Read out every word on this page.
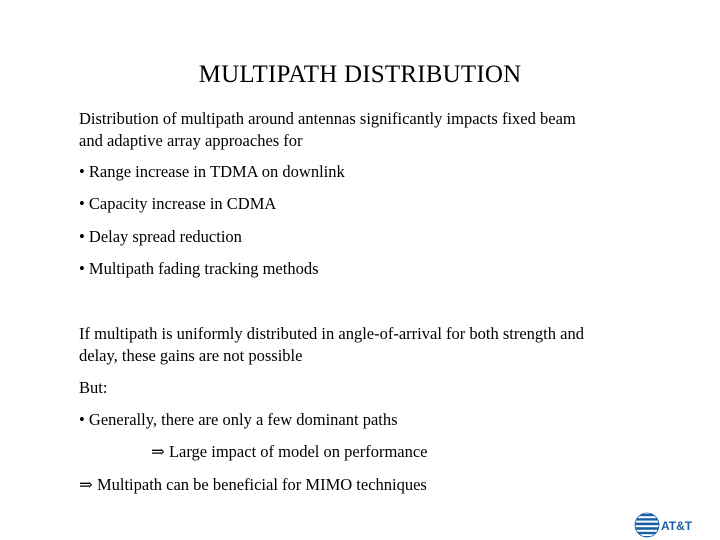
MULTIPATH DISTRIBUTION
Distribution of multipath around antennas significantly impacts fixed beam
and adaptive array approaches for
• Range increase in TDMA on downlink
• Capacity increase in CDMA
• Delay spread reduction
• Multipath fading tracking methods
If multipath is uniformly distributed in angle-of-arrival for both strength and
delay, these gains are not possible
But:
• Generally, there are only a few dominant paths
⇒ Large impact of model on performance
⇒ Multipath can be beneficial for MIMO techniques
AT&T
